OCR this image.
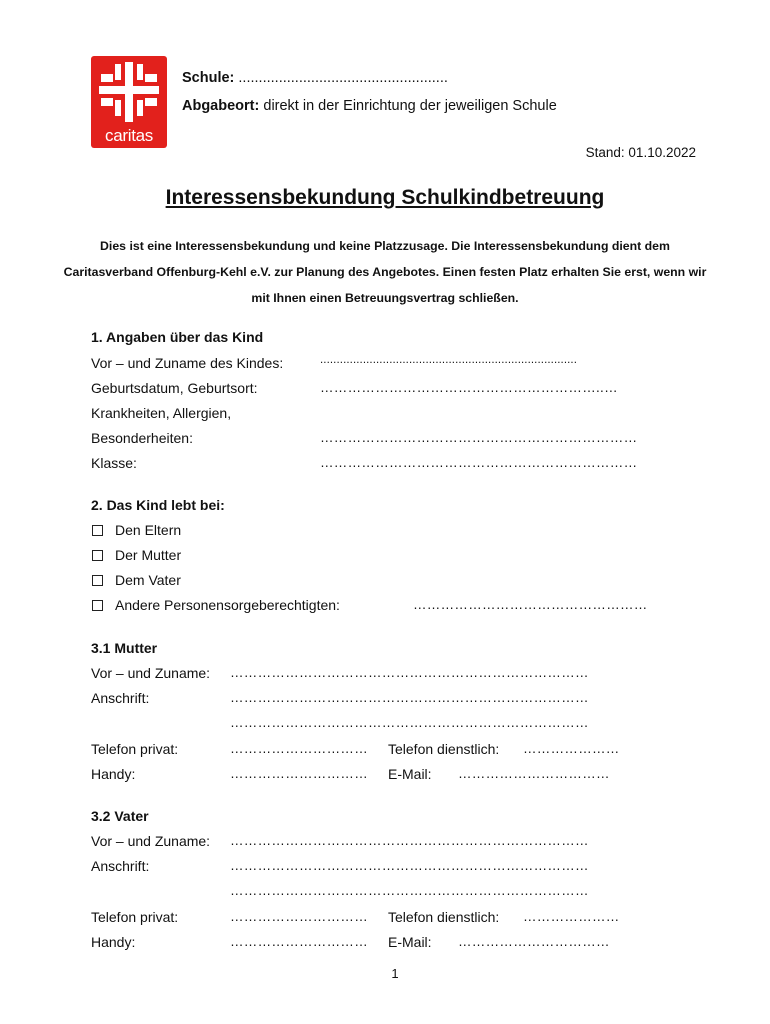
caritas
Schule: ....................................................
Abgabeort: direkt in der Einrichtung der jeweiligen Schule
Stand: 01.10.2022
Interessensbekundung Schulkindbetreuung
Dies ist eine Interessensbekundung und keine Platzzusage. Die Interessensbekundung dient dem Caritasverband Offenburg-Kehl e.V. zur Planung des Angebotes. Einen festen Platz erhalten Sie erst, wenn wir mit Ihnen einen Betreuungsvertrag schließen.
1. Angaben über das Kind
Vor – und Zuname des Kindes:	..............................................................................
Geburtsdatum, Geburtsort:	……………………………………………………..…
Krankheiten, Allergien,
Besonderheiten:	……………………………………………………………
Klasse:	……………………………………………………………
2. Das Kind lebt bei:
Den Eltern
Der Mutter
Dem Vater
Andere Personensorgeberechtigten:	……………………………………………
3.1 Mutter
Vor – und Zuname: ……………………………………………………………………
Anschrift:	……………………………………………………………………
……………………………………………………………………
Telefon privat:	………………………… Telefon dienstlich: …………………
Handy:	………………………… E-Mail: ……………………………
3.2 Vater
Vor – und Zuname: ……………………………………………………………………
Anschrift:	……………………………………………………………………
……………………………………………………………………
Telefon privat:	………………………… Telefon dienstlich: …………………
Handy:	………………………… E-Mail: ……………………………
1
